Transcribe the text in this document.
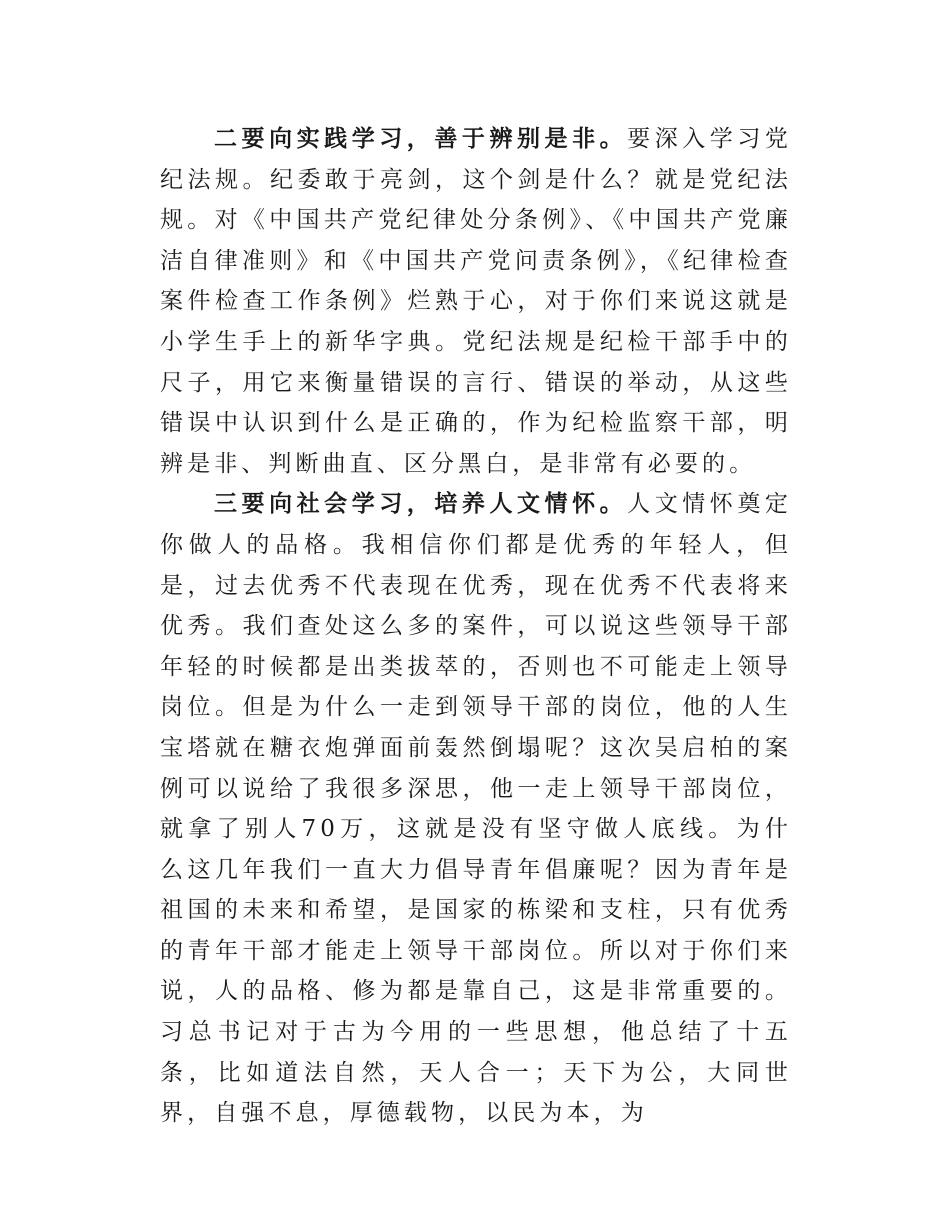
二要向实践学习，善于辨别是非。要深入学习党纪法规。纪委敢于亮剑，这个剑是什么？就是党纪法规。对《中国共产党纪律处分条例》、《中国共产党廉洁自律准则》和《中国共产党问责条例》，《纪律检查案件检查工作条例》烂熟于心，对于你们来说这就是小学生手上的新华字典。党纪法规是纪检干部手中的尺子，用它来衡量错误的言行、错误的举动，从这些错误中认识到什么是正确的，作为纪检监察干部，明辨是非、判断曲直、区分黑白，是非常有必要的。

三要向社会学习，培养人文情怀。人文情怀奠定你做人的品格。我相信你们都是优秀的年轻人，但是，过去优秀不代表现在优秀，现在优秀不代表将来优秀。我们查处这么多的案件，可以说这些领导干部年轻的时候都是出类拔萃的，否则也不可能走上领导岗位。但是为什么一走到领导干部的岗位，他的人生宝塔就在糖衣炮弹面前轰然倒塌呢？这次吴启柏的案例可以说给了我很多深思，他一走上领导干部岗位，就拿了别人70万，这就是没有坚守做人底线。为什么这几年我们一直大力倡导青年倡廉呢？因为青年是祖国的未来和希望，是国家的栋梁和支柱，只有优秀的青年干部才能走上领导干部岗位。所以对于你们来说，人的品格、修为都是靠自己，这是非常重要的。习总书记对于古为今用的一些思想，他总结了十五条，比如道法自然，天人合一；天下为公，大同世界，自强不息，厚德载物，以民为本，为
